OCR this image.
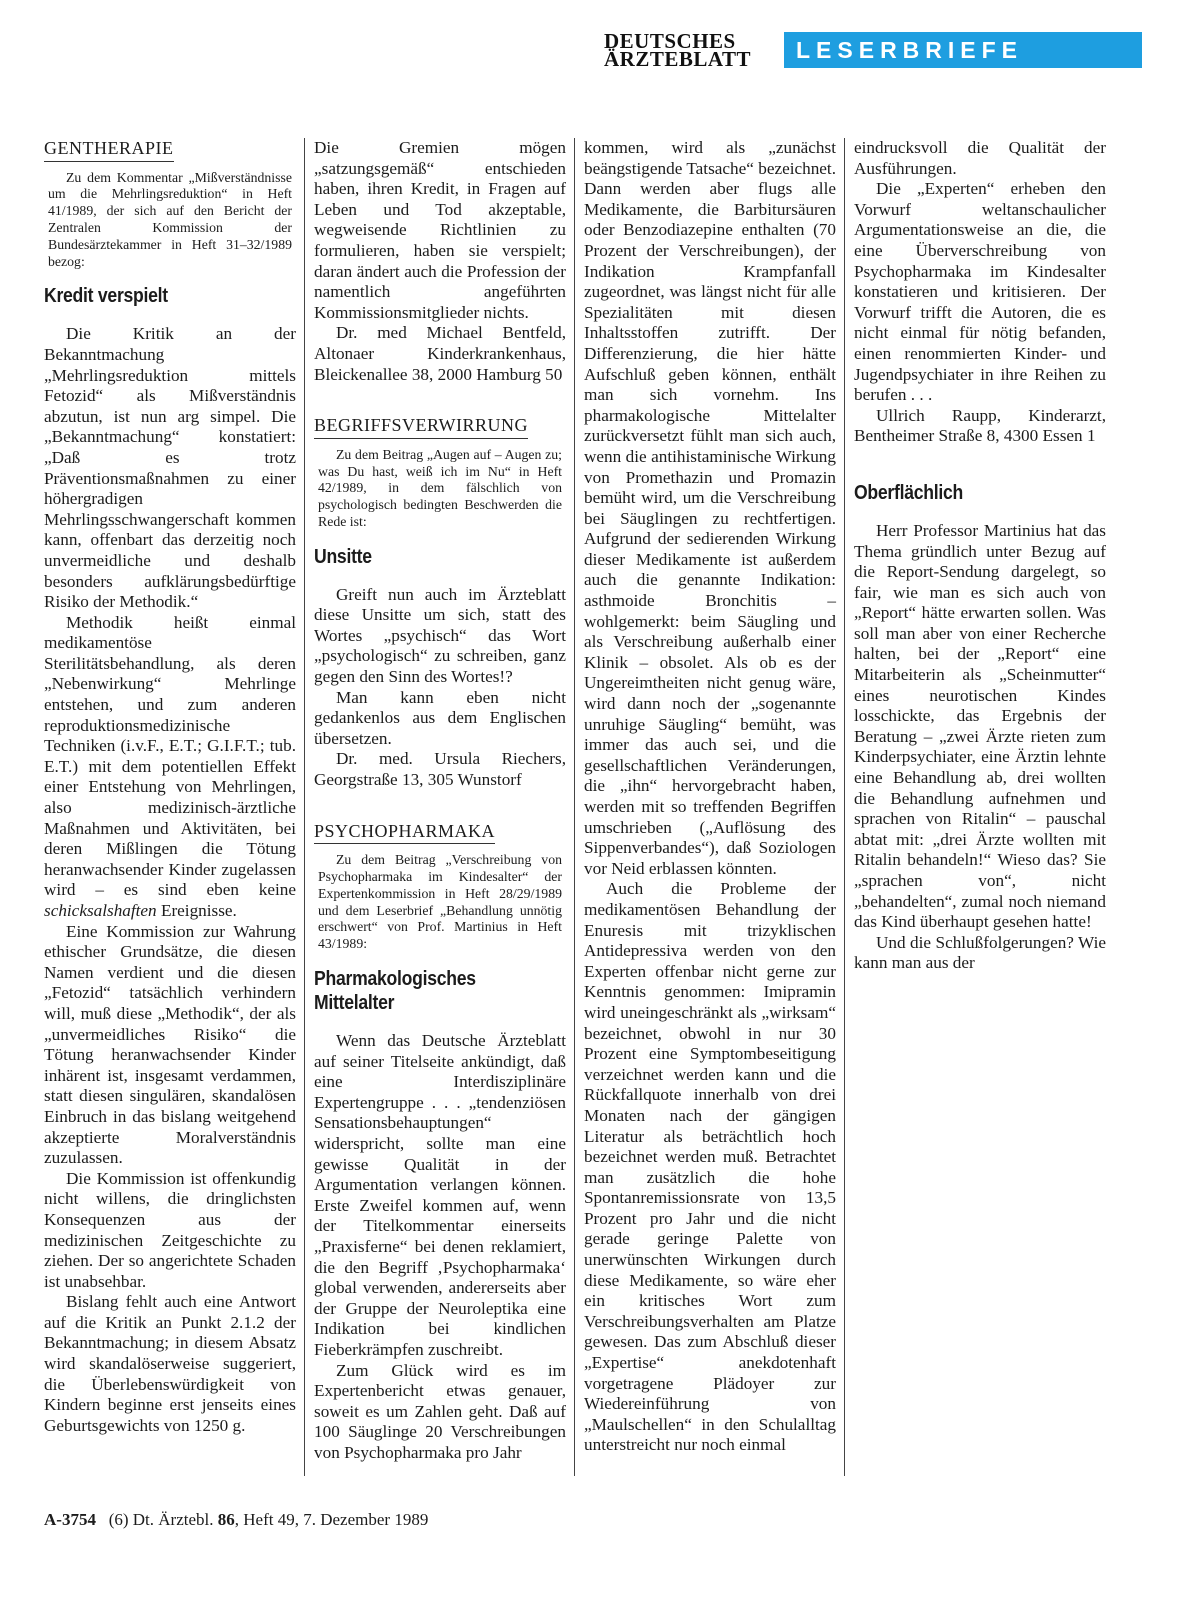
DEUTSCHES
ÄRZTEBLATT	LESERBRIEFE
GENTHERAPIE
Zu dem Kommentar „Mißverständnisse um die Mehrlingsreduktion“ in Heft 41/1989, der sich auf den Bericht der Zentralen Kommission der Bundesärztekammer in Heft 31–32/1989 bezog:
Kredit verspielt

Die Kritik an der Bekanntmachung „Mehrlingsreduktion mittels Fetozid“ als Mißverständnis abzutun, ist nun arg simpel. Die „Bekanntmachung“ konstatiert: „Daß es trotz Präventionsmaßnahmen zu einer höhergradigen Mehrlingsschwangerschaft kommen kann, offenbart das derzeitig noch unvermeidliche und deshalb besonders aufklärungsbedürftige Risiko der Methodik.“

Methodik heißt einmal medikamentöse Sterilitätsbehandlung, als deren „Nebenwirkung“ Mehrlinge entstehen, und zum anderen reproduktionsmedizinische Techniken (i.v.F., E.T.; G.I.F.T.; tub. E.T.) mit dem potentiellen Effekt einer Entstehung von Mehrlingen, also medizinisch-ärztliche Maßnahmen und Aktivitäten, bei deren Mißlingen die Tötung heranwachsender Kinder zugelassen wird – es sind eben keine schicksalshaften Ereignisse.

Eine Kommission zur Wahrung ethischer Grundsätze, die diesen Namen verdient und die diesen „Fetozid“ tatsächlich verhindern will, muß diese „Methodik“, der als „unvermeidliches Risiko“ die Tötung heranwachsender Kinder inhärent ist, insgesamt verdammen, statt diesen singulären, skandalösen Einbruch in das bislang weitgehend akzeptierte Moralverständnis zuzulassen.

Die Kommission ist offenkundig nicht willens, die dringlichsten Konsequenzen aus der medizinischen Zeitgeschichte zu ziehen. Der so angerichtete Schaden ist unabsehbar.

Bislang fehlt auch eine Antwort auf die Kritik an Punkt 2.1.2 der Bekanntmachung; in diesem Absatz wird skandalöserweise suggeriert, die Überlebenswürdigkeit von Kindern beginne erst jenseits eines Geburtsgewichts von 1250 g.

Die Gremien mögen „satzungsgemäß“ entschieden haben, ihren Kredit, in Fragen auf Leben und Tod akzeptable, wegweisende Richtlinien zu formulieren, haben sie verspielt; daran ändert auch die Profession der namentlich angeführten Kommissionsmitglieder nichts.

Dr. med Michael Bentfeld, Altonaer Kinderkrankenhaus, Bleickenallee 38, 2000 Hamburg 50

BEGRIFFSVERWIRRUNG
Zu dem Beitrag „Augen auf – Augen zu; was Du hast, weiß ich im Nu“ in Heft 42/1989, in dem fälschlich von psychologisch bedingten Beschwerden die Rede ist:
Unsitte

Greift nun auch im Ärzteblatt diese Unsitte um sich, statt des Wortes „psychisch“ das Wort „psychologisch“ zu schreiben, ganz gegen den Sinn des Wortes!?

Man kann eben nicht gedankenlos aus dem Englischen übersetzen.

Dr. med. Ursula Riechers, Georgstraße 13, 305 Wunstorf

PSYCHOPHARMAKA
Zu dem Beitrag „Verschreibung von Psychopharmaka im Kindesalter“ der Expertenkommission in Heft 28/29/1989 und dem Leserbrief „Behandlung unnötig erschwert“ von Prof. Martinius in Heft 43/1989:
Pharmakologisches Mittelalter

Wenn das Deutsche Ärzteblatt auf seiner Titelseite ankündigt, daß eine Interdisziplinäre Expertengruppe . . . „tendenziösen Sensationsbehauptungen“ widerspricht, sollte man eine gewisse Qualität in der Argumentation verlangen können. Erste Zweifel kommen auf, wenn der Titelkommentar einerseits „Praxisferne“ bei denen reklamiert, die den Begriff ‚Psychopharmaka‘ global verwenden, andererseits aber der Gruppe der Neuroleptika eine Indikation bei kindlichen Fieberkrämpfen zuschreibt.

Zum Glück wird es im Expertenbericht etwas genauer, soweit es um Zahlen geht. Daß auf 100 Säuglinge 20 Verschreibungen von Psychopharmaka pro Jahr

kommen, wird als „zunächst beängstigende Tatsache“ bezeichnet. Dann werden aber flugs alle Medikamente, die Barbitursäuren oder Benzodiazepine enthalten (70 Prozent der Verschreibungen), der Indikation Krampfanfall zugeordnet, was längst nicht für alle Spezialitäten mit diesen Inhaltsstoffen zutrifft. Der Differenzierung, die hier hätte Aufschluß geben können, enthält man sich vornehm. Ins pharmakologische Mittelalter zurückversetzt fühlt man sich auch, wenn die antihistaminische Wirkung von Promethazin und Promazin bemüht wird, um die Verschreibung bei Säuglingen zu rechtfertigen. Aufgrund der sedierenden Wirkung dieser Medikamente ist außerdem auch die genannte Indikation: asthmoide Bronchitis – wohlgemerkt: beim Säugling und als Verschreibung außerhalb einer Klinik – obsolet. Als ob es der Ungereimtheiten nicht genug wäre, wird dann noch der „sogenannte unruhige Säugling“ bemüht, was immer das auch sei, und die gesellschaftlichen Veränderungen, die „ihn“ hervorgebracht haben, werden mit so treffenden Begriffen umschrieben („Auflösung des Sippenverbandes“), daß Soziologen vor Neid erblassen könnten.

Auch die Probleme der medikamentösen Behandlung der Enuresis mit trizyklischen Antidepressiva werden von den Experten offenbar nicht gerne zur Kenntnis genommen: Imipramin wird uneingeschränkt als „wirksam“ bezeichnet, obwohl in nur 30 Prozent eine Symptombeseitigung verzeichnet werden kann und die Rückfallquote innerhalb von drei Monaten nach der gängigen Literatur als beträchtlich hoch bezeichnet werden muß. Betrachtet man zusätzlich die hohe Spontanremissionsrate von 13,5 Prozent pro Jahr und die nicht gerade geringe Palette von unerwünschten Wirkungen durch diese Medikamente, so wäre eher ein kritisches Wort zum Verschreibungsverhalten am Platze gewesen. Das zum Abschluß dieser „Expertise“ anekdotenhaft vorgetragene Plädoyer zur Wiedereinführung von „Maulschellen“ in den Schulalltag unterstreicht nur noch einmal

eindrucksvoll die Qualität der Ausführungen.

Die „Experten“ erheben den Vorwurf weltanschaulicher Argumentationsweise an die, die eine Überverschreibung von Psychopharmaka im Kindesalter konstatieren und kritisieren. Der Vorwurf trifft die Autoren, die es nicht einmal für nötig befanden, einen renommierten Kinder- und Jugendpsychiater in ihre Reihen zu berufen . . .

Ullrich Raupp, Kinderarzt, Bentheimer Straße 8, 4300 Essen 1

Oberflächlich

Herr Professor Martinius hat das Thema gründlich unter Bezug auf die Report-Sendung dargelegt, so fair, wie man es sich auch von „Report“ hätte erwarten sollen. Was soll man aber von einer Recherche halten, bei der „Report“ eine Mitarbeiterin als „Scheinmutter“ eines neurotischen Kindes losschickte, das Ergebnis der Beratung – „zwei Ärzte rieten zum Kinderpsychiater, eine Ärztin lehnte eine Behandlung ab, drei wollten die Behandlung aufnehmen und sprachen von Ritalin“ – pauschal abtat mit: „drei Ärzte wollten mit Ritalin behandeln!“ Wieso das? Sie „sprachen von“, nicht „behandelten“, zumal noch niemand das Kind überhaupt gesehen hatte!

Und die Schlußfolgerungen? Wie kann man aus der

A-3754 (6) Dt. Ärztebl. 86, Heft 49, 7. Dezember 1989
